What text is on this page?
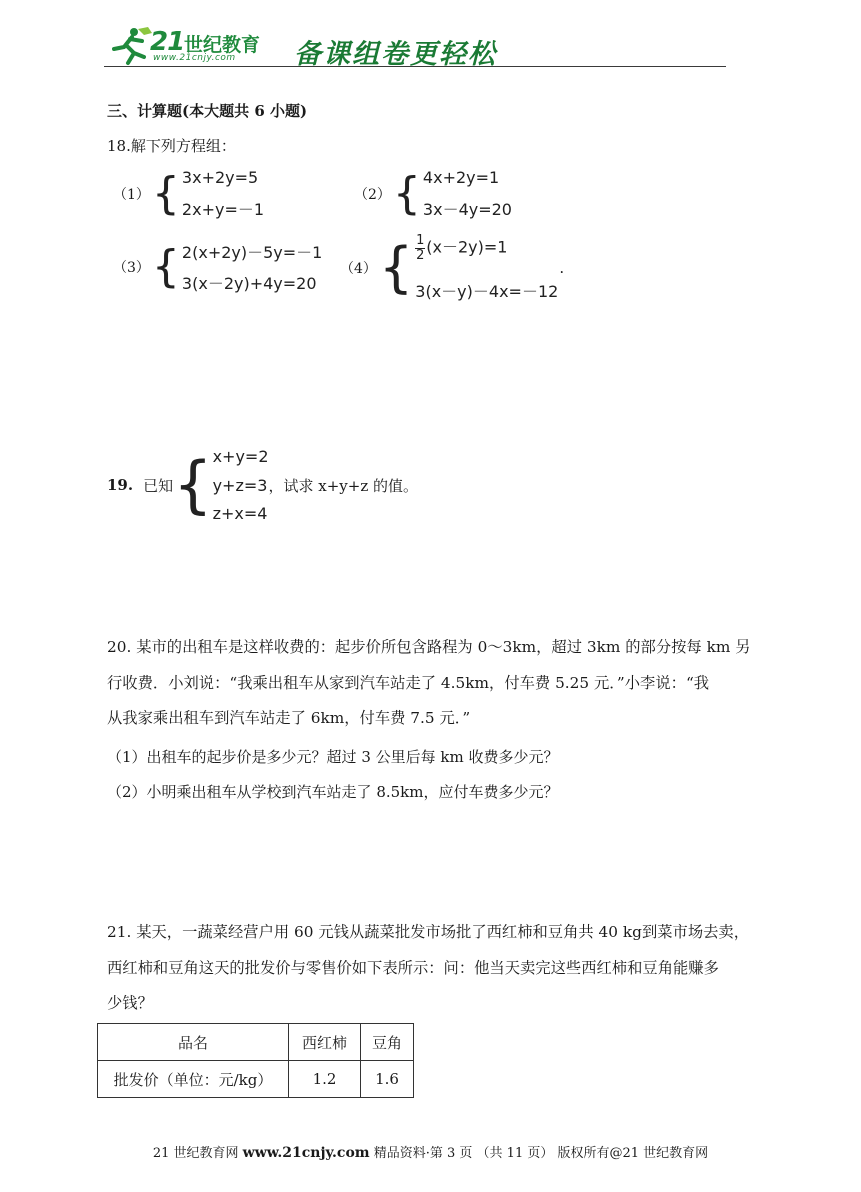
21 世纪教育
www.21cnjy.com 备课组卷更轻松
三、计算题(本大题共 6 小题)
18.解下列方程组：
（1） { 3x+2y=5
2x+y=－1
（2） { 4x+2y=1
3x－4y=20
（3） { 2(x+2y)－5y=－1
3(x－2y)+4y=20
（4） { $\frac{1}{2} (x-2y)=1$
3(x－y)－4x=－12
.
19. 已知 { x+y=2
y+z=3
z+x=4
，试求 x+y+z 的值。
20. 某市的出租车是这样收费的：起步价所包含路程为 0～3km，超过 3km 的部分按每 km 另
行收费．小刘说：“我乘出租车从家到汽车站走了 4.5km，付车费 5.25 元．”小李说：“我
从我家乘出租车到汽车站走了 6km，付车费 7.5 元．”
（1）出租车的起步价是多少元？超过 3 公里后每 km 收费多少元？
（2）小明乘出租车从学校到汽车站走了 8.5km，应付车费多少元？
21. 某天，一蔬菜经营户用 60 元钱从蔬菜批发市场批了西红柿和豆角共 40 kg到菜市场去卖，
西红柿和豆角这天的批发价与零售价如下表所示：问：他当天卖完这些西红柿和豆角能赚多
少钱？
品名	西红柿	豆角
批发价（单位：元/kg）	1.2	1.6
21 世纪教育网 www.21cnjy.com 精品资料·第 3 页 （共 11 页） 版权所有@21 世纪教育网
